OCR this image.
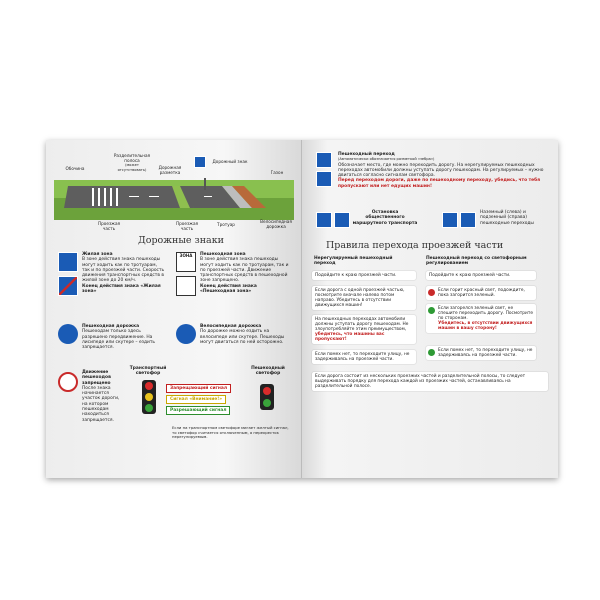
Разделительная полоса
(может отсутствовать)
Обочина	Дорожная разметка
Дорожный знак
Газон
Проезжая часть
Проезжая часть
Тротуар
Велосипедная дорожка
Дорожные знаки
Жилая зона
В зоне действия знака пешеходы могут ходить как по тротуарам, так и по проезжей части. Скорость движения транспортных средств в жилой зоне до 20 км/ч.
Конец действия знака «Жилая зона»
ЗОНА	Пешеходная зона
В зоне действия знака пешеходы могут ходить как по тротуарам, так и по проезжей части. Движение транспортных средств в пешеходной зоне запрещено.
Конец действия знака «Пешеходная зона»
Пешеходная дорожка
Пешеходам только здесь разрешено передвижение. На лисипеде или скутере – ездить запрещается.
Велосипедная дорожка
По дорожке можно ездить на велосипеде или скутере. Пешеходы могут двигаться по ней осторожно.
Движение пешеходов запрещено
После знака начинается участок дороги, на котором пешеходам находиться запрещается.
Транспортный светофор
Пешеходный светофор
Запрещающий сигнал
Сигнал «Внимание!»
Разрешающий сигнал
Если на транспортном светофоре мигает желтый сигнал, то светофор считается отключенным, а перекресток нерегулируемым.
Пешеходный переход
(Автоматически обозначается разметкой «зебра»)
Обозначает место, где можно переходить дорогу. На нерегулируемых пешеходных переходах автомобили должны уступать дорогу пешеходам. На регулируемых – нужно двигаться согласно сигналам светофора.
Перед переходом дороги, даже по пешеходному переходу, убедись, что тебя пропускают или нет едущих машин!
Остановка общественного маршрутного транспорта
Наземный (слева) и подземный (справа) пешеходные переходы
Правила перехода проезжей части
Нерегулируемый пешеходный переход
Пешеходный переход со светофорным регулированием
Подойдите к краю проезжей части.
Если дорога с одной проезжей частью, посмотрите вначале налево потом направо. Убедитесь в отсутствии движущихся машин!
На пешеходных переходах автомобили должны уступать дорогу пешеходам. Не злоупотребляйте этим преимуществом, убедитесь, что машины вас пропускают!
Если помех нет, то переходите улицу, не задерживаясь на проезжей части.
Подойдите к краю проезжей части.
Если горит красный свет, подождите, пока загорится зеленый.
Если загорелся зеленый свет, не спешите переходить дорогу. Посмотрите по сторонам.
Убедитесь, в отсутствии движущихся машин в вашу сторону!
Если помех нет, то переходите улицу, не задерживаясь на проезжей части.
Если дорога состоит из нескольких проезжих частей и разделительной полосы, то следует выдерживать порядку для перехода каждой из проезжих частей, останавливаясь на разделительной полосе.
